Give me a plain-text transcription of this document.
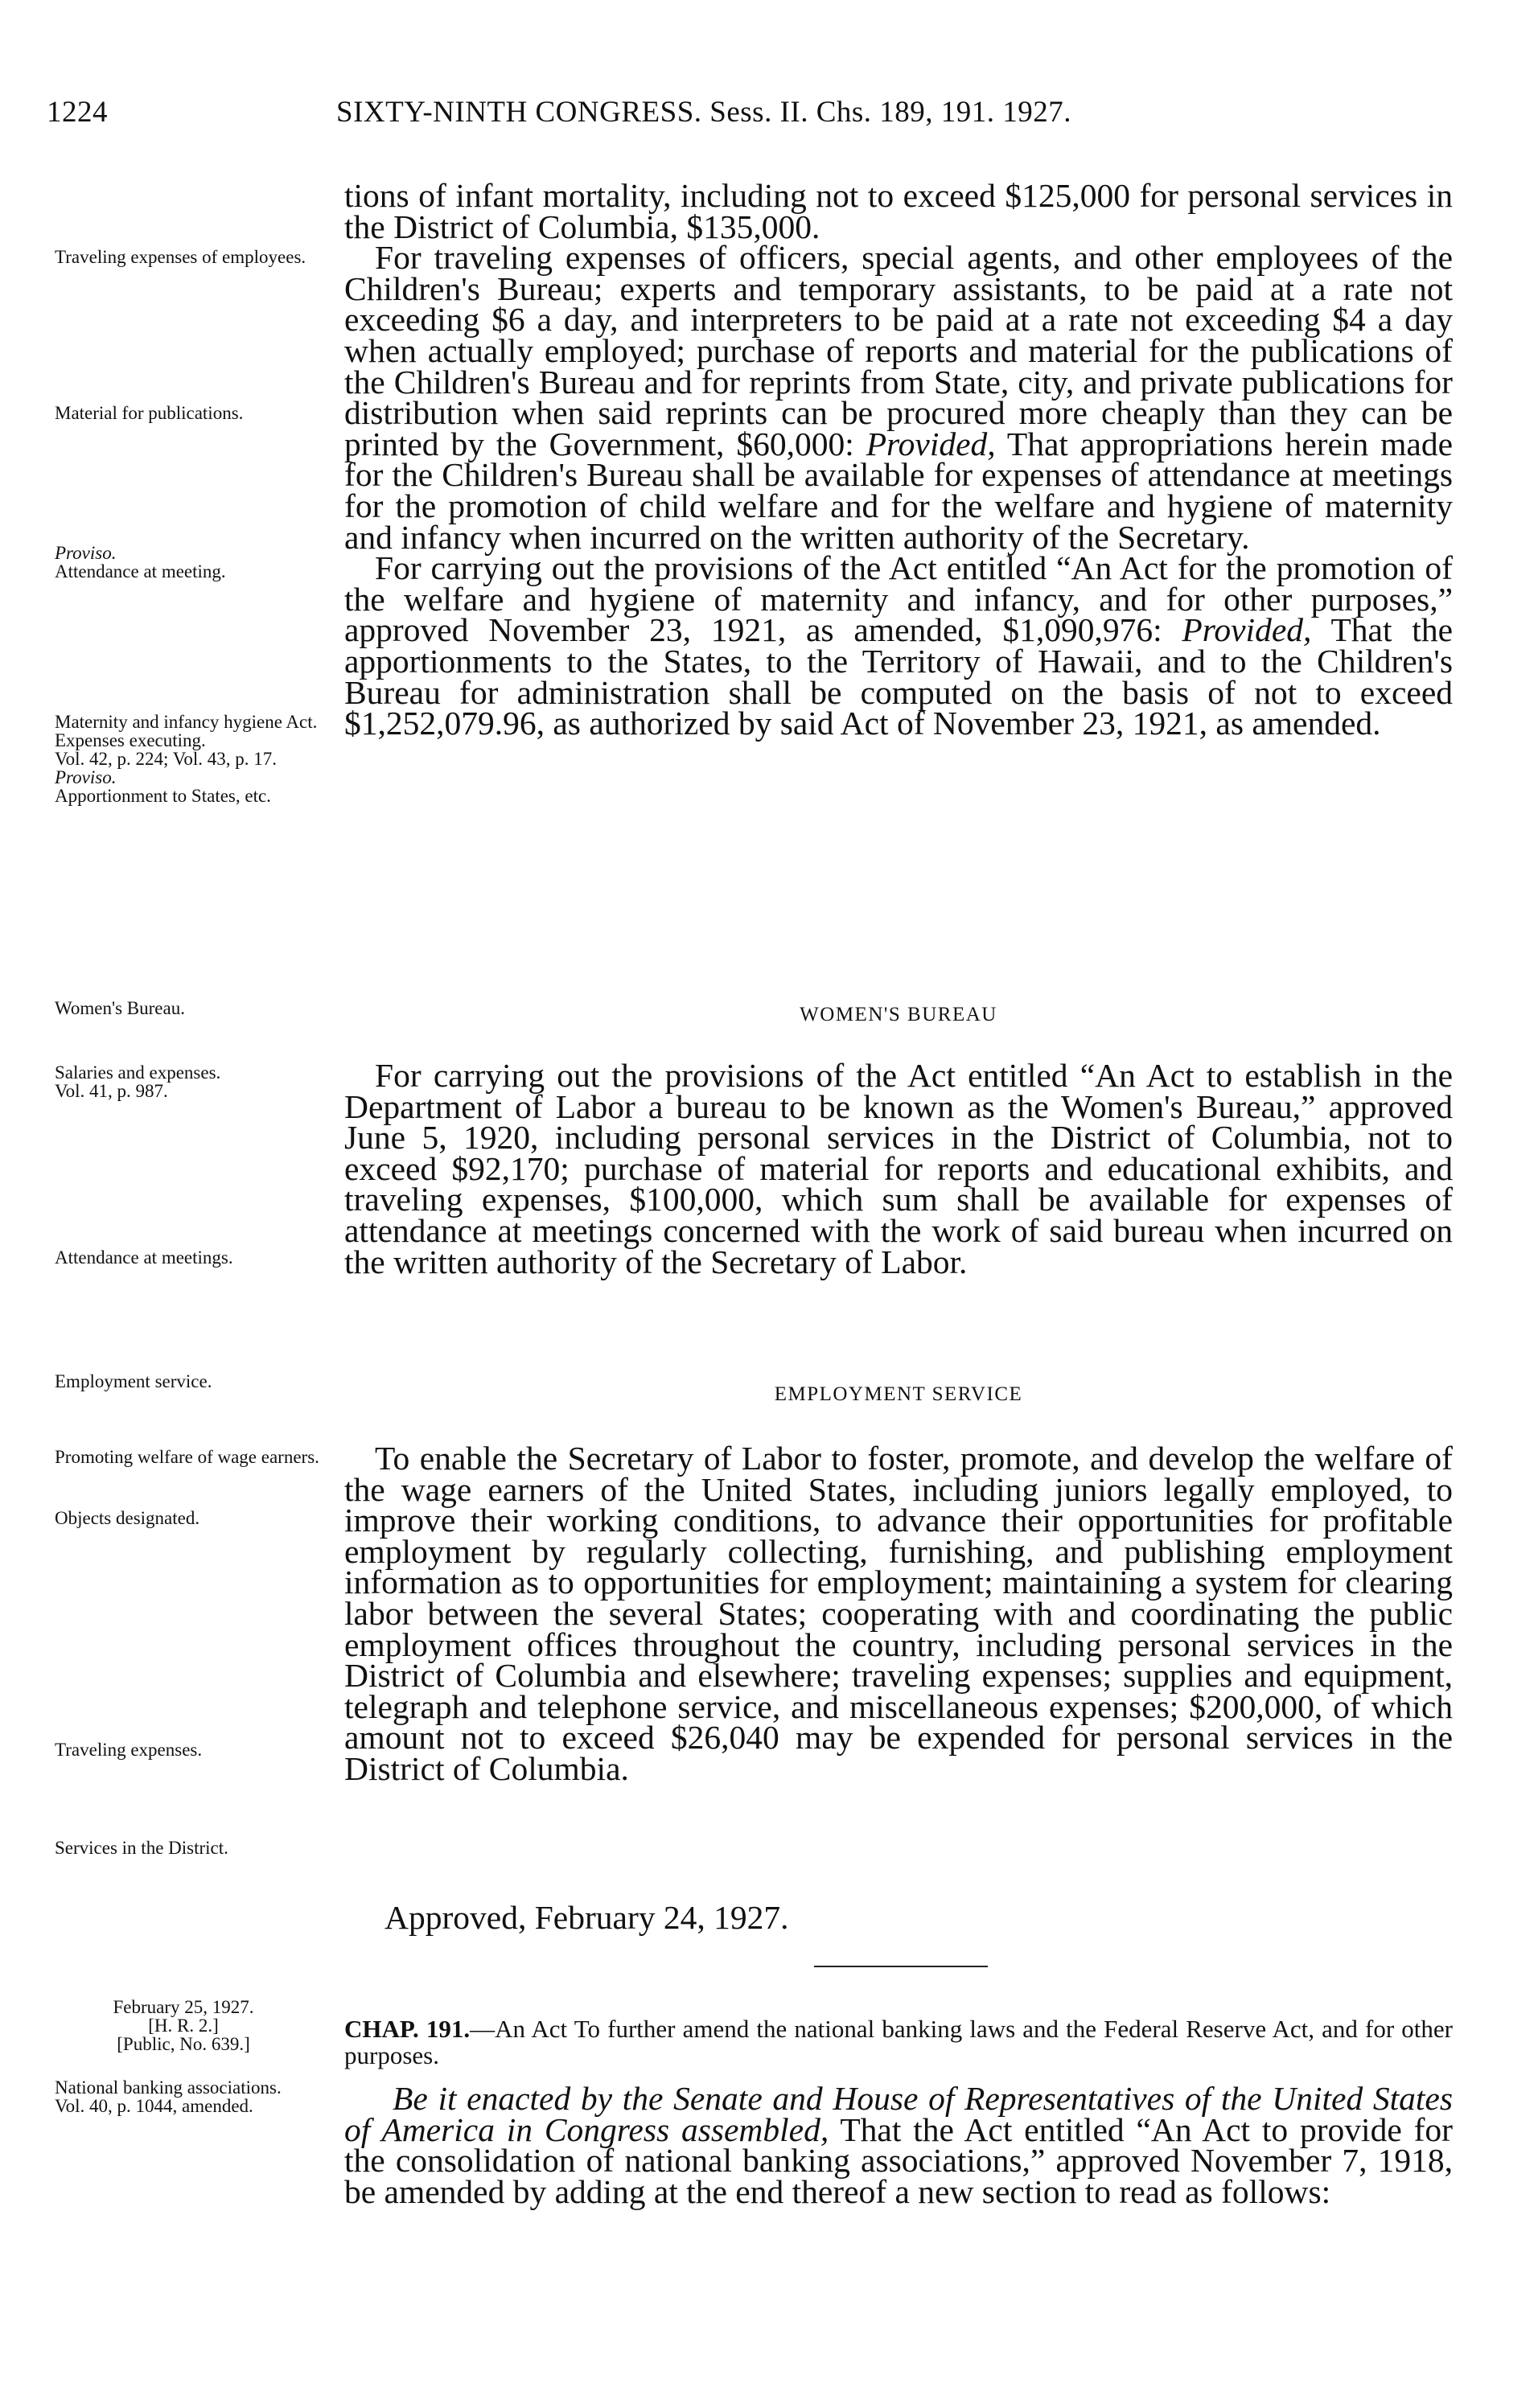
1224	SIXTY-NINTH CONGRESS. Sess. II. Chs. 189, 191. 1927.

tions of infant mortality, including not to exceed $125,000 for personal services in the District of Columbia, $135,000.

For traveling expenses of officers, special agents, and other employees of the Children's Bureau; experts and temporary assistants, to be paid at a rate not exceeding $6 a day, and interpreters to be paid at a rate not exceeding $4 a day when actually employed; purchase of reports and material for the publications of the Children's Bureau and for reprints from State, city, and private publications for distribution when said reprints can be procured more cheaply than they can be printed by the Government, $60,000: Provided, That appropriations herein made for the Children's Bureau shall be available for expenses of attendance at meetings for the promotion of child welfare and for the welfare and hygiene of maternity and infancy when incurred on the written authority of the Secretary.

For carrying out the provisions of the Act entitled “An Act for the promotion of the welfare and hygiene of maternity and infancy, and for other purposes,” approved November 23, 1921, as amended, $1,090,976: Provided, That the apportionments to the States, to the Territory of Hawaii, and to the Children's Bureau for administration shall be computed on the basis of not to exceed $1,252,079.96, as authorized by said Act of November 23, 1921, as amended.

WOMEN'S BUREAU

For carrying out the provisions of the Act entitled “An Act to establish in the Department of Labor a bureau to be known as the Women's Bureau,” approved June 5, 1920, including personal services in the District of Columbia, not to exceed $92,170; purchase of material for reports and educational exhibits, and traveling expenses, $100,000, which sum shall be available for expenses of attendance at meetings concerned with the work of said bureau when incurred on the written authority of the Secretary of Labor.

EMPLOYMENT SERVICE

To enable the Secretary of Labor to foster, promote, and develop the welfare of the wage earners of the United States, including juniors legally employed, to improve their working conditions, to advance their opportunities for profitable employment by regularly collecting, furnishing, and publishing employment information as to opportunities for employment; maintaining a system for clearing labor between the several States; cooperating with and coordinating the public employment offices throughout the country, including personal services in the District of Columbia and elsewhere; traveling expenses; supplies and equipment, telegraph and telephone service, and miscellaneous expenses; $200,000, of which amount not to exceed $26,040 may be expended for personal services in the District of Columbia.

Approved, February 24, 1927.

CHAP. 191.—An Act To further amend the national banking laws and the Federal Reserve Act, and for other purposes.

Be it enacted by the Senate and House of Representatives of the United States of America in Congress assembled, That the Act entitled “An Act to provide for the consolidation of national banking associations,” approved November 7, 1918, be amended by adding at the end thereof a new section to read as follows:

Traveling expenses of employees.
Material for publications.
Proviso.
Attendance at meeting.
Maternity and infancy hygiene Act.
Expenses executing.
Vol. 42, p. 224; Vol. 43, p. 17.
Proviso.
Apportionment to States, etc.
Women's Bureau.
Salaries and expenses.
Vol. 41, p. 987.
Attendance at meetings.
Employment service.
Promoting welfare of wage earners.
Objects designated.
Traveling expenses.
Services in the District.
February 25, 1927.
[H. R. 2.]
[Public, No. 639.]
National banking associations.
Vol. 40, p. 1044, amended.
